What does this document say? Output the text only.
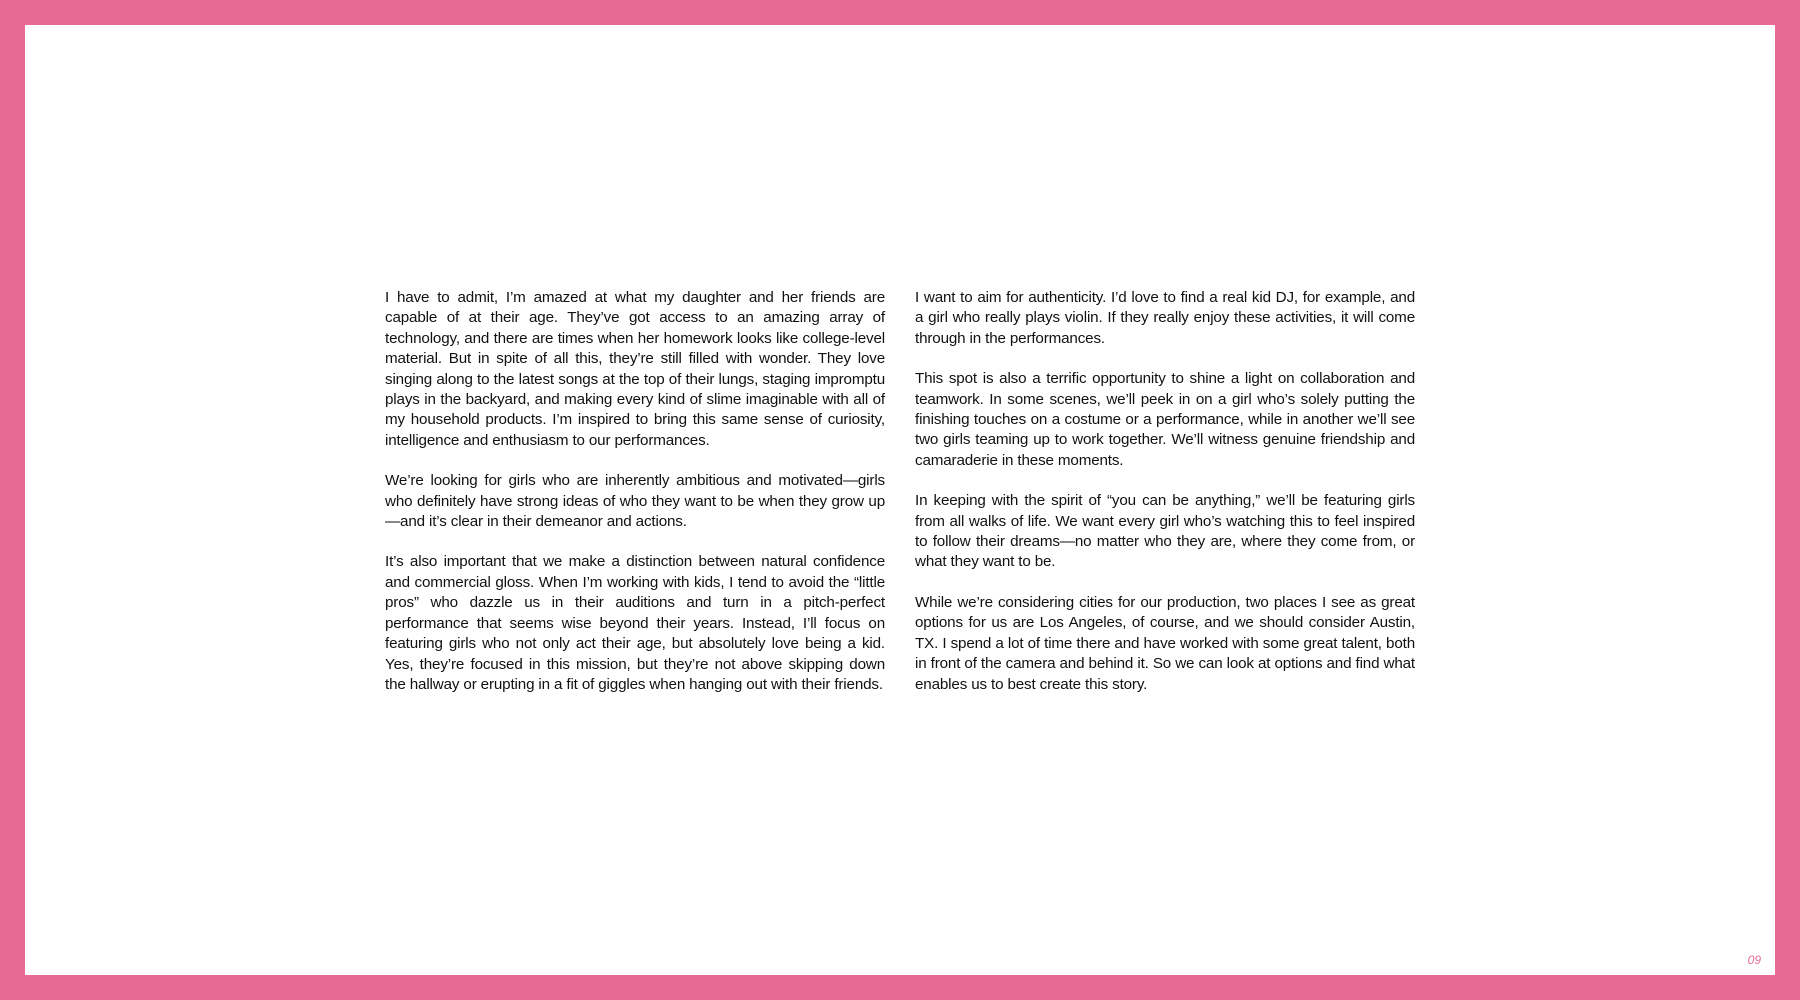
I have to admit, I’m amazed at what my daughter and her friends are capable of at their age. They’ve got access to an amazing array of technology, and there are times when her homework looks like college-level material. But in spite of all this, they’re still filled with wonder. They love singing along to the latest songs at the top of their lungs, staging impromptu plays in the backyard, and making every kind of slime imaginable with all of my household products. I’m inspired to bring this same sense of curiosity, intelligence and enthusiasm to our performances.

We’re looking for girls who are inherently ambitious and motivated—girls who definitely have strong ideas of who they want to be when they grow up—and it’s clear in their demeanor and actions.

It’s also important that we make a distinction between natural confidence and commercial gloss. When I’m working with kids, I tend to avoid the “little pros” who dazzle us in their auditions and turn in a pitch-perfect performance that seems wise beyond their years. Instead, I’ll focus on featuring girls who not only act their age, but absolutely love being a kid. Yes, they’re focused in this mission, but they’re not above skipping down the hallway or erupting in a fit of giggles when hanging out with their friends.

I want to aim for authenticity. I’d love to find a real kid DJ, for example, and a girl who really plays violin. If they really enjoy these activities, it will come through in the performances.

This spot is also a terrific opportunity to shine a light on collaboration and teamwork. In some scenes, we’ll peek in on a girl who’s solely putting the finishing touches on a costume or a performance, while in another we’ll see two girls teaming up to work together. We’ll witness genuine friendship and camaraderie in these moments.

In keeping with the spirit of “you can be anything,” we’ll be featuring girls from all walks of life. We want every girl who’s watching this to feel inspired to follow their dreams—no matter who they are, where they come from, or what they want to be.

While we’re considering cities for our production, two places I see as great options for us are Los Angeles, of course, and we should consider Austin, TX. I spend a lot of time there and have worked with some great talent, both in front of the camera and behind it. So we can look at options and find what enables us to best create this story.

09
